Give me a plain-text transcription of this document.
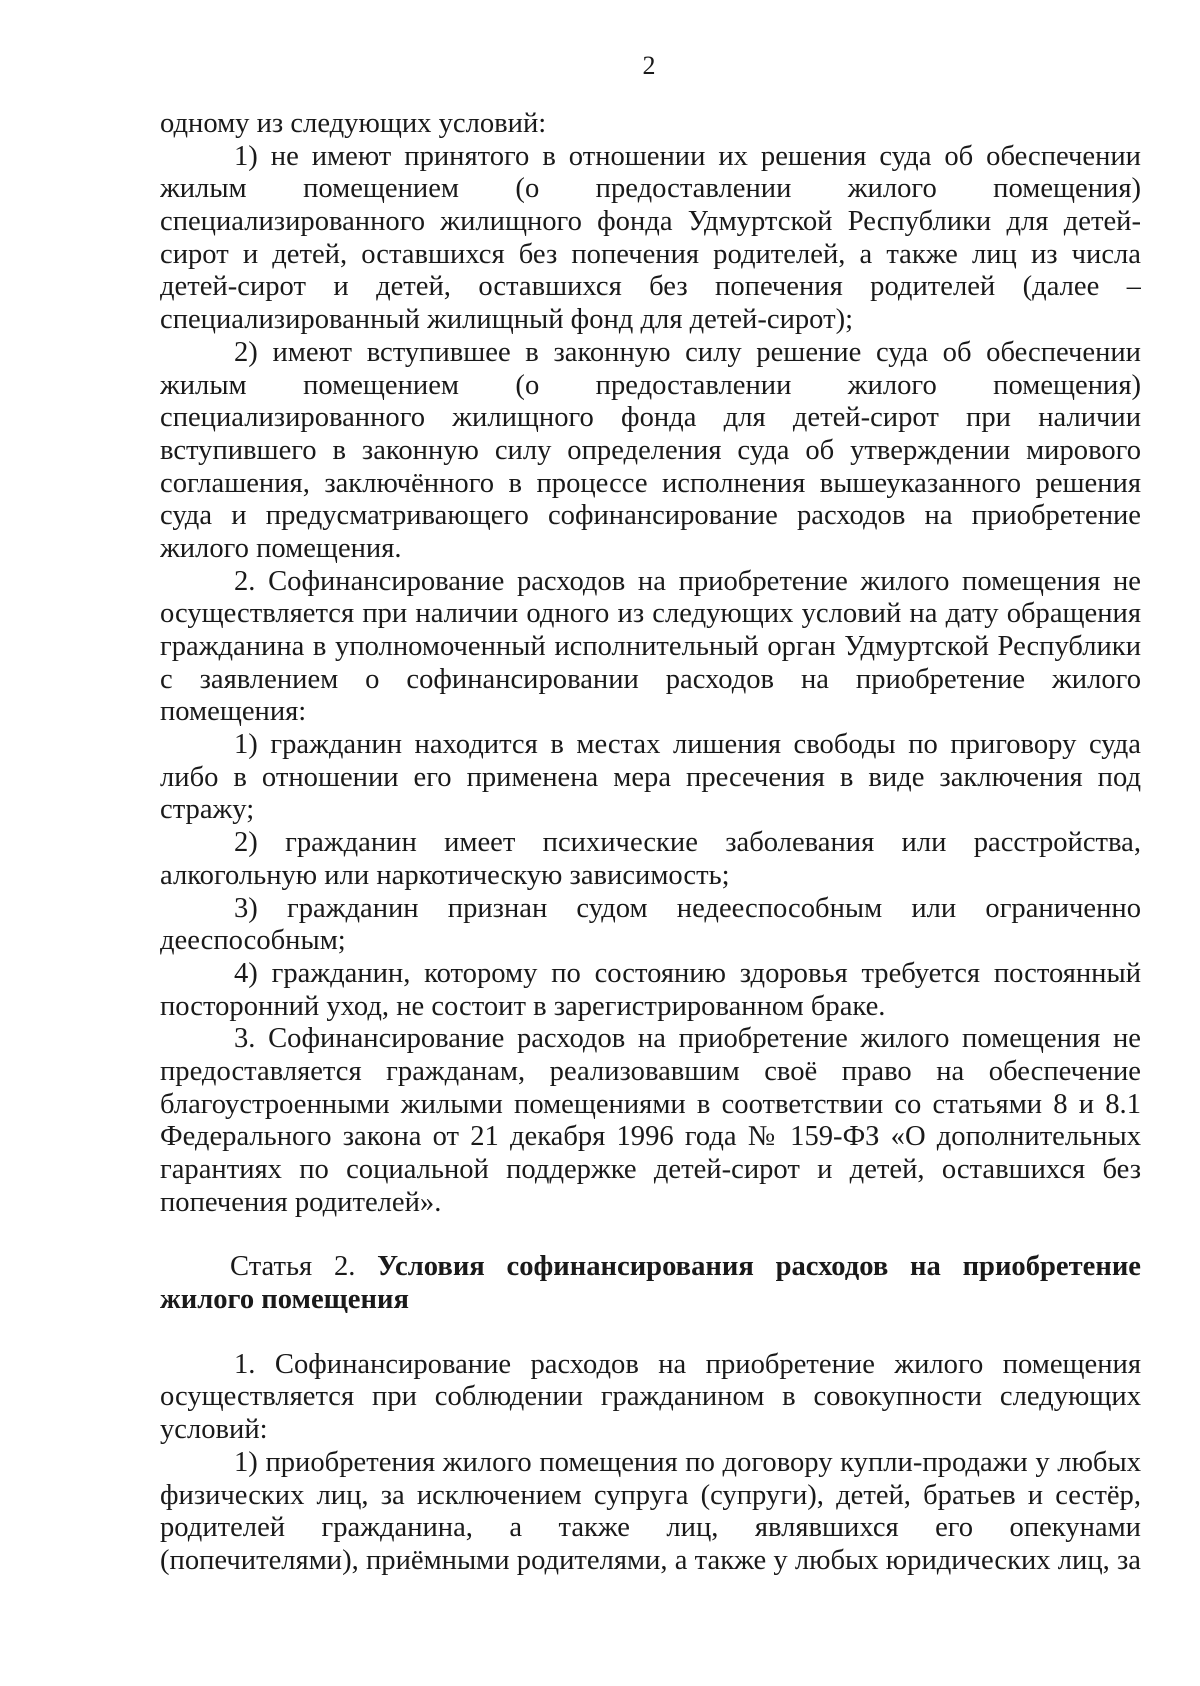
2
одному из следующих условий:
1) не имеют принятого в отношении их решения суда об обеспечении
жилым помещением (о предоставлении жилого помещения)
специализированного жилищного фонда Удмуртской Республики для детей-
сирот и детей, оставшихся без попечения родителей, а также лиц из числа
детей-сирот и детей, оставшихся без попечения родителей (далее –
специализированный жилищный фонд для детей-сирот);
2) имеют вступившее в законную силу решение суда об обеспечении
жилым помещением (о предоставлении жилого помещения)
специализированного жилищного фонда для детей-сирот при наличии
вступившего в законную силу определения суда об утверждении мирового
соглашения, заключённого в процессе исполнения вышеуказанного решения
суда и предусматривающего софинансирование расходов на приобретение
жилого помещения.
2. Софинансирование расходов на приобретение жилого помещения не
осуществляется при наличии одного из следующих условий на дату обращения
гражданина в уполномоченный исполнительный орган Удмуртской Республики
с заявлением о софинансировании расходов на приобретение жилого
помещения:
1) гражданин находится в местах лишения свободы по приговору суда
либо в отношении его применена мера пресечения в виде заключения под
стражу;
2) гражданин имеет психические заболевания или расстройства,
алкогольную или наркотическую зависимость;
3) гражданин признан судом недееспособным или ограниченно
дееспособным;
4) гражданин, которому по состоянию здоровья требуется постоянный
посторонний уход, не состоит в зарегистрированном браке.
3. Софинансирование расходов на приобретение жилого помещения не
предоставляется гражданам, реализовавшим своё право на обеспечение
благоустроенными жилыми помещениями в соответствии со статьями 8 и 8.1
Федерального закона от 21 декабря 1996 года № 159-ФЗ «О дополнительных
гарантиях по социальной поддержке детей-сирот и детей, оставшихся без
попечения родителей».
Статья 2. Условия софинансирования расходов на приобретение
жилого помещения
1. Софинансирование расходов на приобретение жилого помещения
осуществляется при соблюдении гражданином в совокупности следующих
условий:
1) приобретения жилого помещения по договору купли-продажи у любых
физических лиц, за исключением супруга (супруги), детей, братьев и сестёр,
родителей гражданина, а также лиц, являвшихся его опекунами
(попечителями), приёмными родителями, а также у любых юридических лиц, за
